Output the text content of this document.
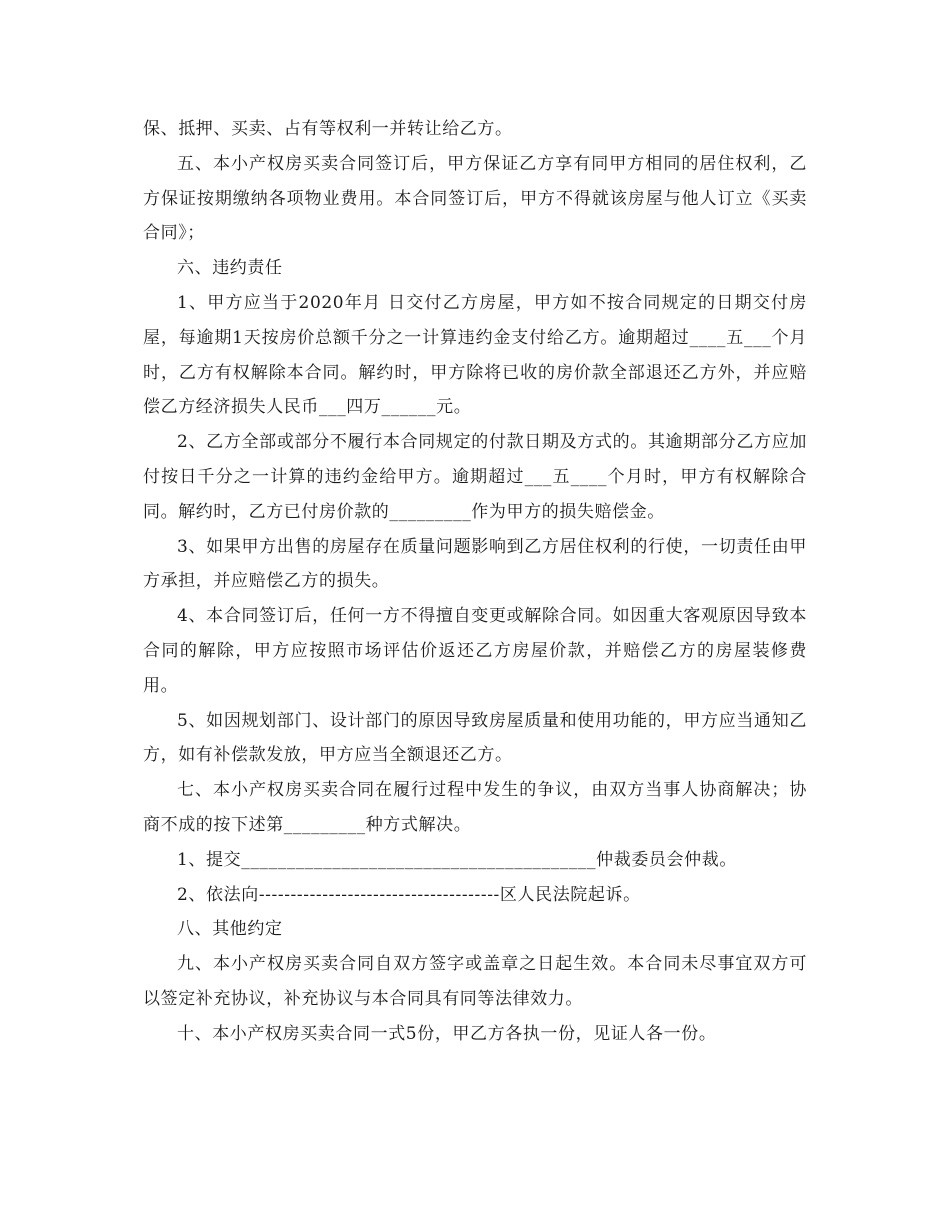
保、抵押、买卖、占有等权利一并转让给乙方。

五、本小产权房买卖合同签订后，甲方保证乙方享有同甲方相同的居住权利，乙方保证按期缴纳各项物业费用。本合同签订后，甲方不得就该房屋与他人订立《买卖合同》；

六、违约责任

1、甲方应当于2020年月 日交付乙方房屋，甲方如不按合同规定的日期交付房屋，每逾期1天按房价总额千分之一计算违约金支付给乙方。逾期超过____五___个月时，乙方有权解除本合同。解约时，甲方除将已收的房价款全部退还乙方外，并应赔偿乙方经济损失人民币___四万______元。

2、乙方全部或部分不履行本合同规定的付款日期及方式的。其逾期部分乙方应加付按日千分之一计算的违约金给甲方。逾期超过___五____个月时，甲方有权解除合同。解约时，乙方已付房价款的_________作为甲方的损失赔偿金。

3、如果甲方出售的房屋存在质量问题影响到乙方居住权利的行使，一切责任由甲方承担，并应赔偿乙方的损失。

4、本合同签订后，任何一方不得擅自变更或解除合同。如因重大客观原因导致本合同的解除，甲方应按照市场评估价返还乙方房屋价款，并赔偿乙方的房屋装修费用。

5、如因规划部门、设计部门的原因导致房屋质量和使用功能的，甲方应当通知乙方，如有补偿款发放，甲方应当全额退还乙方。

七、本小产权房买卖合同在履行过程中发生的争议，由双方当事人协商解决；协商不成的按下述第_________种方式解决。

1、提交_______________________________________仲裁委员会仲裁。

2、依法向--------------------------------------区人民法院起诉。

八、其他约定

九、本小产权房买卖合同自双方签字或盖章之日起生效。本合同未尽事宜双方可以签定补充协议，补充协议与本合同具有同等法律效力。

十、本小产权房买卖合同一式5份，甲乙方各执一份，见证人各一份。
